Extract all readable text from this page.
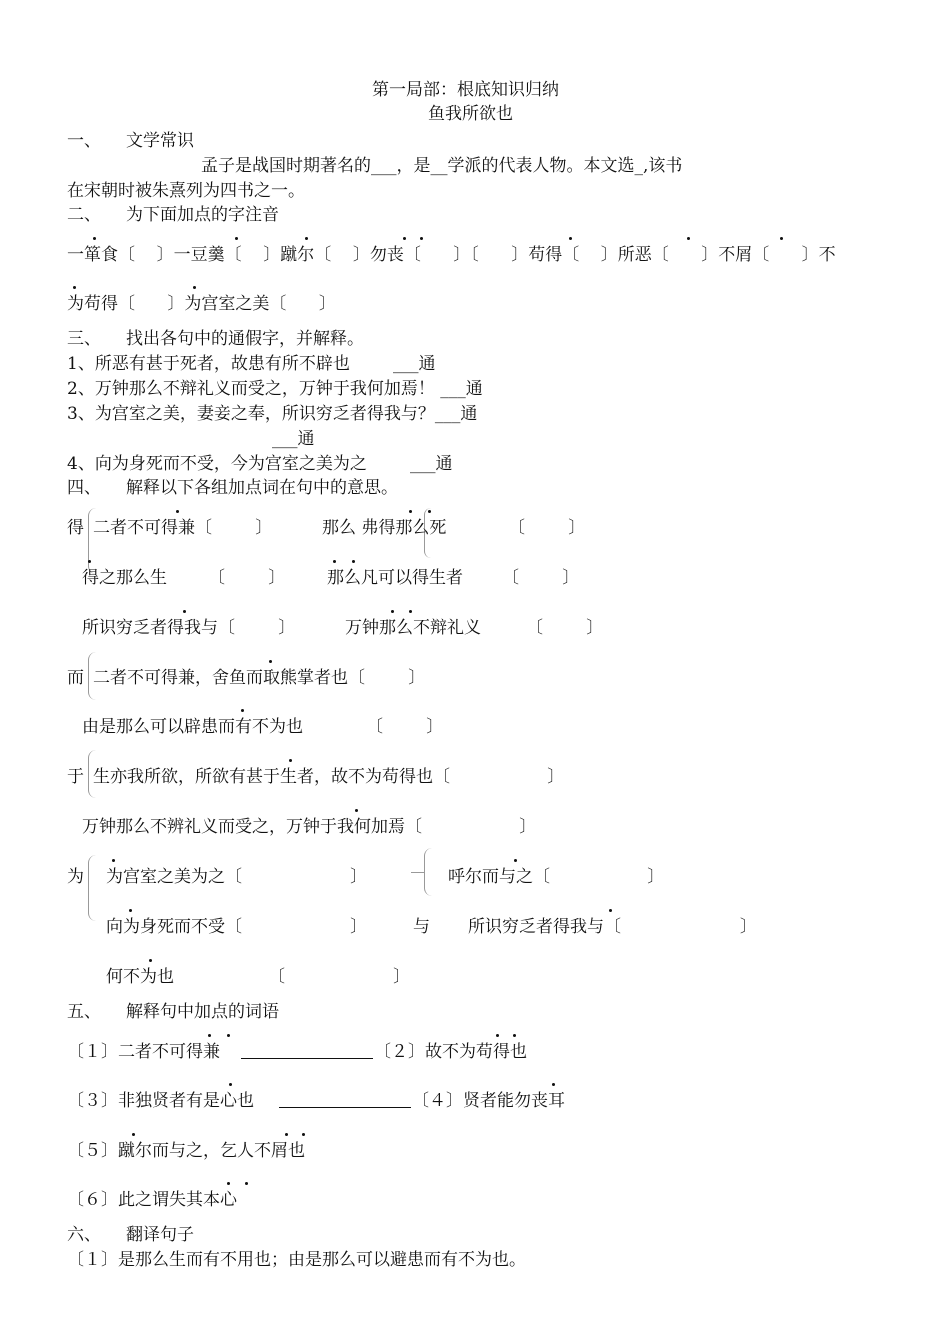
第一局部：根底知识归纳
鱼我所欲也
一、 文学常识
孟子是战国时期著名的___，是__学派的代表人物。本文选_,该书
在宋朝时被朱熹列为四书之一。
二、 为下面加点的字注音
一箪食〔    〕一豆羹〔    〕蹴尔〔    〕勿丧〔      〕〔      〕苟得〔    〕所恶〔      〕不屑〔      〕不
为苟得〔      〕为宫室之美〔      〕
三、 找出各句中的通假字，并解释。
1、所恶有甚于死者，故患有所不辟也        ___通
2、万钟那么不辩礼义而受之，万钟于我何加焉！ ___通
3、为宫室之美，妻妾之奉，所识穷乏者得我与？___通
___通
4、向为身死而不受，今为宫室之美为之        ___通
四、 解释以下各组加点词在句中的意思。
得 二者不可得兼〔        〕	那么 弗得那么死	〔        〕
得之那么生 〔        〕 那么凡可以得生者 〔        〕
所识穷乏者得我与〔        〕	万钟那么不辩礼义	〔        〕
而 二者不可得兼，舍鱼而取熊掌者也〔        〕
由是那么可以辟患而有不为也	〔        〕
于 生亦我所欲，所欲有甚于生者，故不为苟得也〔                  〕
万钟那么不辨礼义而受之，万钟于我何加焉〔                  〕
为 为宫室之美为之〔                    〕	呼尔而与之〔                  〕
向为身死而不受〔                    〕	与 所识穷乏者得我与〔                      〕
何不为也	〔                    〕
五、 解释句中加点的词语
〔１〕二者不可得兼	〔２〕故不为苟得也
〔３〕非独贤者有是心也	〔４〕贤者能勿丧耳
〔５〕蹴尔而与之，乞人不屑也
〔６〕此之谓失其本心
六、 翻译句子
〔１〕是那么生而有不用也；由是那么可以避患而有不为也。
